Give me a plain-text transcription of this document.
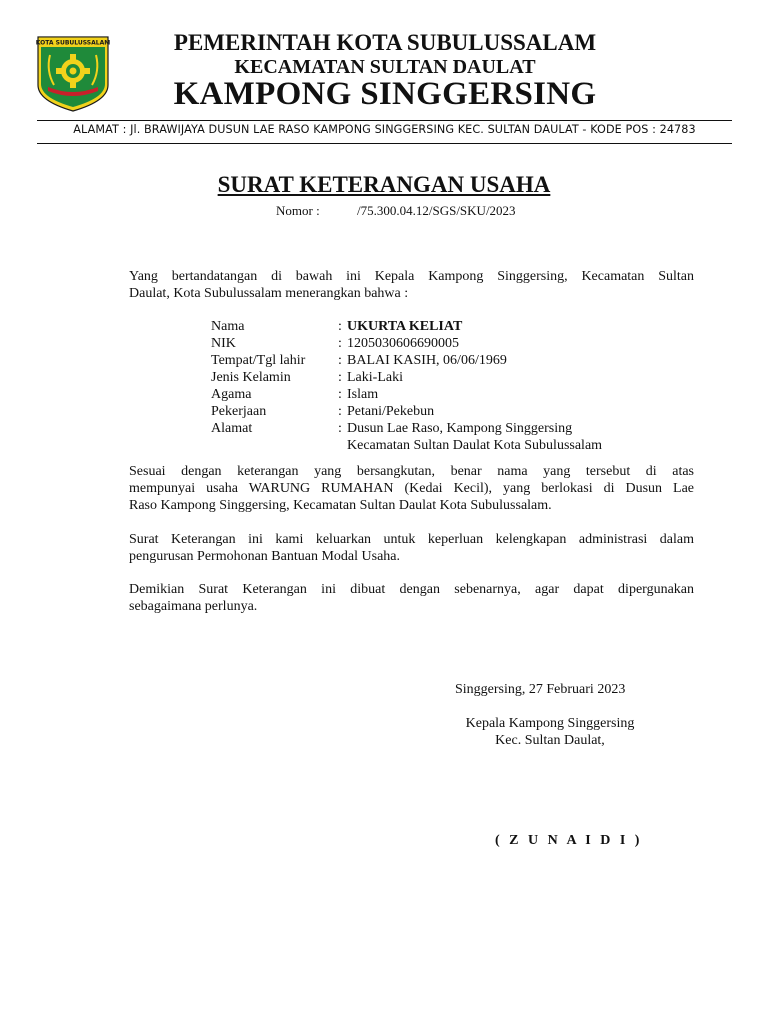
KOTA SUBULUSSALAM	PEMERINTAH KOTA SUBULUSSALAM
KECAMATAN SULTAN DAULAT
KAMPONG SINGGERSING
ALAMAT : Jl. BRAWIJAYA DUSUN LAE RASO KAMPONG SINGGERSING KEC. SULTAN DAULAT - KODE POS : 24783
SURAT KETERANGAN USAHA
Nomor :	/75.300.04.12/SGS/SKU/2023
Yang bertandatangan di bawah ini Kepala Kampong Singgersing, Kecamatan Sultan
Daulat, Kota Subulussalam menerangkan bahwa :
Nama	: UKURTA KELIAT
NIK	: 1205030606690005
Tempat/Tgl lahir : BALAI KASIH, 06/06/1969
Jenis Kelamin	: Laki-Laki
Agama	: Islam
Pekerjaan	: Petani/Pekebun
Alamat	: Dusun Lae Raso, Kampong Singgersing
Kecamatan Sultan Daulat Kota Subulussalam
Sesuai dengan keterangan yang bersangkutan, benar nama yang tersebut di atas
mempunyai usaha WARUNG RUMAHAN (Kedai Kecil), yang berlokasi di Dusun Lae
Raso Kampong Singgersing, Kecamatan Sultan Daulat Kota Subulussalam.
Surat Keterangan ini kami keluarkan untuk keperluan kelengkapan administrasi dalam
pengurusan Permohonan Bantuan Modal Usaha.
Demikian Surat Keterangan ini dibuat dengan sebenarnya, agar dapat dipergunakan
sebagaimana perlunya.
Singgersing, 27 Februari 2023
Kepala Kampong Singgersing
Kec. Sultan Daulat,
( Z U N A I D I )
